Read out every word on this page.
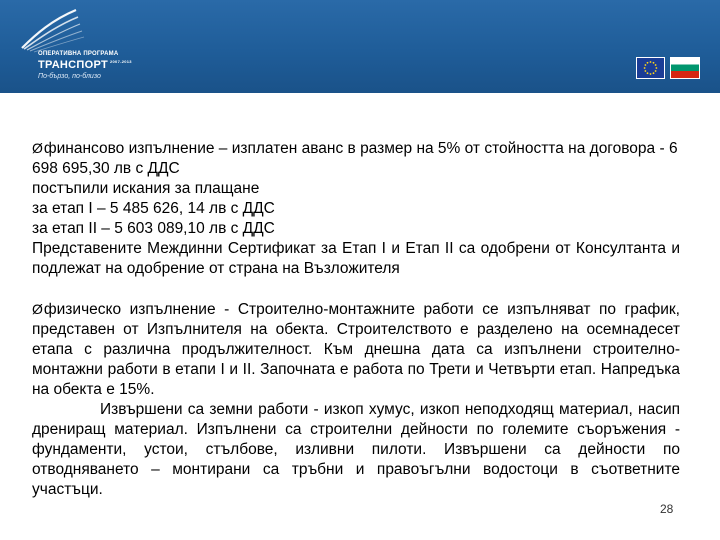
ОПЕРАТИВНА ПРОГРАМА
ТРАНСПОРТ $^{2007-2013}$
По-бързо, по-близо

Øфинансово изпълнение – изплатен аванс в размер на 5% от стойността на договора - 6 698 695,30 лв с ДДС

постъпили искания за плащане

за етап I – 5 485 626, 14 лв с ДДС

за етап II – 5 603 089,10 лв с ДДС

Представените Междинни Сертификат за Етап I и Етап II са одобрени от Консултанта и подлежат на одобрение от страна на Възложителя

Øфизическо изпълнение - Строително-монтажните работи се изпълняват по график, представен от Изпълнителя на обекта. Строителството е разделено на осемнадесет етапа с различна продължителност. Към днешна дата са изпълнени строително-монтажни работи в етапи I и II. Започната е работа по Трети и Четвърти етап. Напредъка на обекта е 15%.

Извършени са земни работи - изкоп хумус, изкоп неподходящ материал, насип дрениращ материал. Изпълнени са строителни дейности по големите съоръжения - фундаменти, устои, стълбове, изливни пилоти. Извършени са дейности по отводняването – монтирани са тръбни и правоъгълни водостоци в съответните участъци.

28
